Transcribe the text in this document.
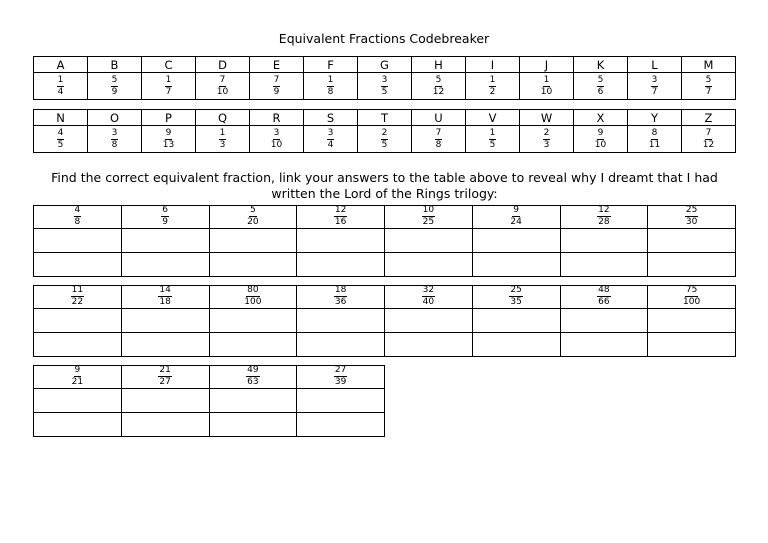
Equivalent Fractions Codebreaker
A	B	C	D	E	F	G	H	I	J	K	L	M

$\frac{1}{4}$	$\frac{5}{9}$	$\frac{1}{7}$	$\frac{7}{10}$	$\frac{7}{9}$	$\frac{1}{8}$	$\frac{3}{5}$	$\frac{5}{12}$	$\frac{1}{2}$	$\frac{1}{10}$	$\frac{5}{6}$	$\frac{3}{7}$	$\frac{5}{7}$
N	O	P	Q	R	S	T	U	V	W	X	Y	Z

$\frac{4}{5}$	$\frac{3}{8}$	$\frac{9}{13}$	$\frac{1}{3}$	$\frac{3}{10}$	$\frac{3}{4}$	$\frac{2}{5}$	$\frac{7}{8}$	$\frac{1}{5}$	$\frac{2}{3}$	$\frac{9}{10}$	$\frac{8}{11}$	$\frac{7}{12}$
Find the correct equivalent fraction, link your answers to the table above to reveal why I dreamt that I had written the Lord of the Rings trilogy:
$\frac{4}{8}$	$\frac{6}{9}$	$\frac{5}{20}$	$\frac{12}{16}$	$\frac{10}{25}$	$\frac{9}{24}$	$\frac{12}{28}$	$\frac{25}{30}$

$\frac{11}{22}$	$\frac{14}{18}$	$\frac{80}{100}$	$\frac{18}{36}$	$\frac{32}{40}$	$\frac{25}{35}$	$\frac{48}{66}$	$\frac{75}{100}$

$\frac{9}{21}$	$\frac{21}{27}$	$\frac{49}{63}$	$\frac{27}{39}$
